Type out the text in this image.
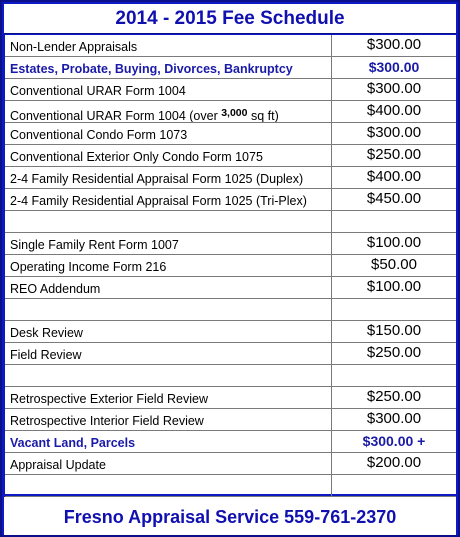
2014 - 2015 Fee Schedule
Non-Lender Appraisals	$300.00
Estates, Probate, Buying, Divorces, Bankruptcy	$300.00
Conventional URAR Form 1004	$300.00
Conventional URAR Form 1004 (over $^{3,000}$ sq ft)	$400.00
Conventional Condo Form 1073	$300.00
Conventional Exterior Only Condo Form 1075	$250.00
2-4 Family Residential Appraisal Form 1025 (Duplex)	$400.00
2-4 Family Residential Appraisal Form 1025 (Tri-Plex)	$450.00
Single Family Rent Form 1007	$100.00
Operating Income Form 216	$50.00
REO Addendum	$100.00
Desk Review	$150.00
Field Review	$250.00
Retrospective Exterior Field Review	$250.00
Retrospective Interior Field Review	$300.00
Vacant Land, Parcels	$300.00 +
Appraisal Update	$200.00
Fresno Appraisal Service 559-761-2370
